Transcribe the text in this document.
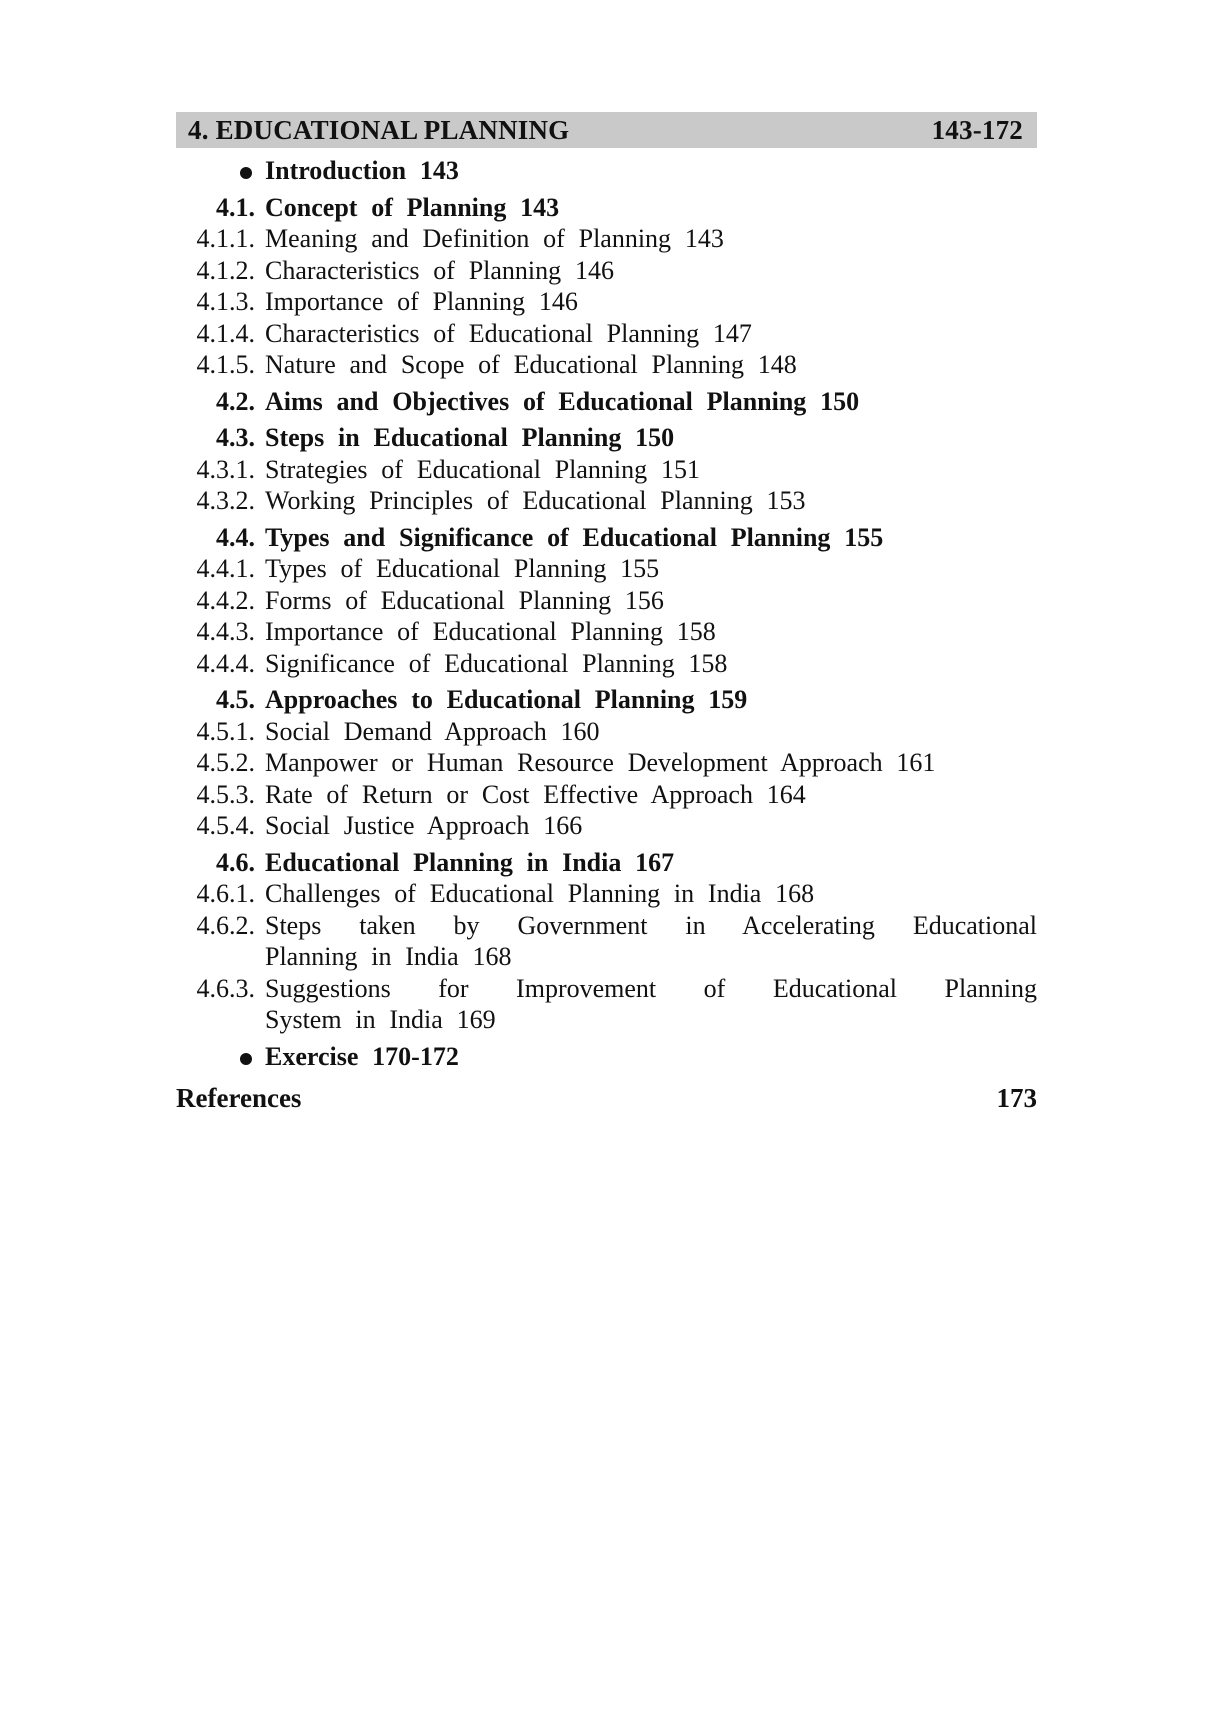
4. EDUCATIONAL PLANNING	143-172
Introduction 143
4.1. Concept of Planning 143
4.1.1. Meaning and Definition of Planning 143
4.1.2. Characteristics of Planning 146
4.1.3. Importance of Planning 146
4.1.4. Characteristics of Educational Planning 147
4.1.5. Nature and Scope of Educational Planning 148
4.2. Aims and Objectives of Educational Planning 150
4.3. Steps in Educational Planning 150
4.3.1. Strategies of Educational Planning 151
4.3.2. Working Principles of Educational Planning 153
4.4. Types and Significance of Educational Planning 155
4.4.1. Types of Educational Planning 155
4.4.2. Forms of Educational Planning 156
4.4.3. Importance of Educational Planning 158
4.4.4. Significance of Educational Planning 158
4.5. Approaches to Educational Planning 159
4.5.1. Social Demand Approach 160
4.5.2. Manpower or Human Resource Development Approach 161
4.5.3. Rate of Return or Cost Effective Approach 164
4.5.4. Social Justice Approach 166
4.6. Educational Planning in India 167
4.6.1. Challenges of Educational Planning in India 168
4.6.2. Steps taken by Government in Accelerating Educational
Planning in India 168
4.6.3. Suggestions for Improvement of Educational Planning
System in India 169
Exercise 170-172
References	173
